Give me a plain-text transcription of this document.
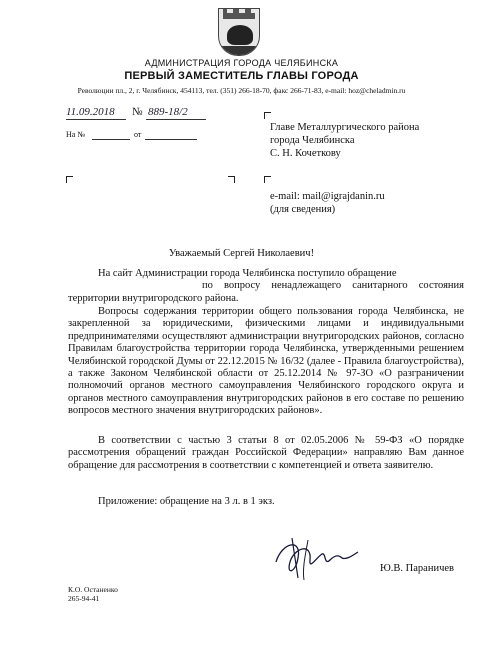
АДМИНИСТРАЦИЯ ГОРОДА ЧЕЛЯБИНСКА
ПЕРВЫЙ ЗАМЕСТИТЕЛЬ ГЛАВЫ ГОРОДА
Революции пл., 2, г. Челябинск, 454113, тел. (351) 266-18-70, факс 266-71-83, e-mail: hoz@cheladmin.ru
11.09.2018 № 889-18/2
На №	от
Главе Металлургического района
города Челябинска
С. Н. Кочеткову
e-mail: mail@igrajdanin.ru
(для сведения)
Уважаемый Сергей Николаевич!

На сайт Администрации города Челябинска поступило обращение

по вопросу ненадлежащего санитарного состояния

территории внутригородского района.

Вопросы содержания территории общего пользования города Челябинска, не закрепленной за юридическими, физическими лицами и индивидуальными предпринимателями осуществляют администрации внутригородских районов, согласно Правилам благоустройства территории города Челябинска, утвержденными решением Челябинской городской Думы от 22.12.2015 № 16/32 (далее - Правила благоустройства), а также Законом Челябинской области от 25.12.2014 № 97-ЗО «О разграничении полномочий органов местного самоуправления Челябинского городского округа и органов местного самоуправления внутригородских районов в его составе по решению вопросов местного значения внутригородских районов».

В соответствии с частью 3 статьи 8 от 02.05.2006 № 59-ФЗ «О порядке рассмотрения обращений граждан Российской Федерации» направляю Вам данное обращение для рассмотрения в соответствии с компетенцией и ответа заявителю.

Приложение: обращение на 3 л. в 1 экз.

Ю.В. Параничев
К.О. Останенко
265-94-41
